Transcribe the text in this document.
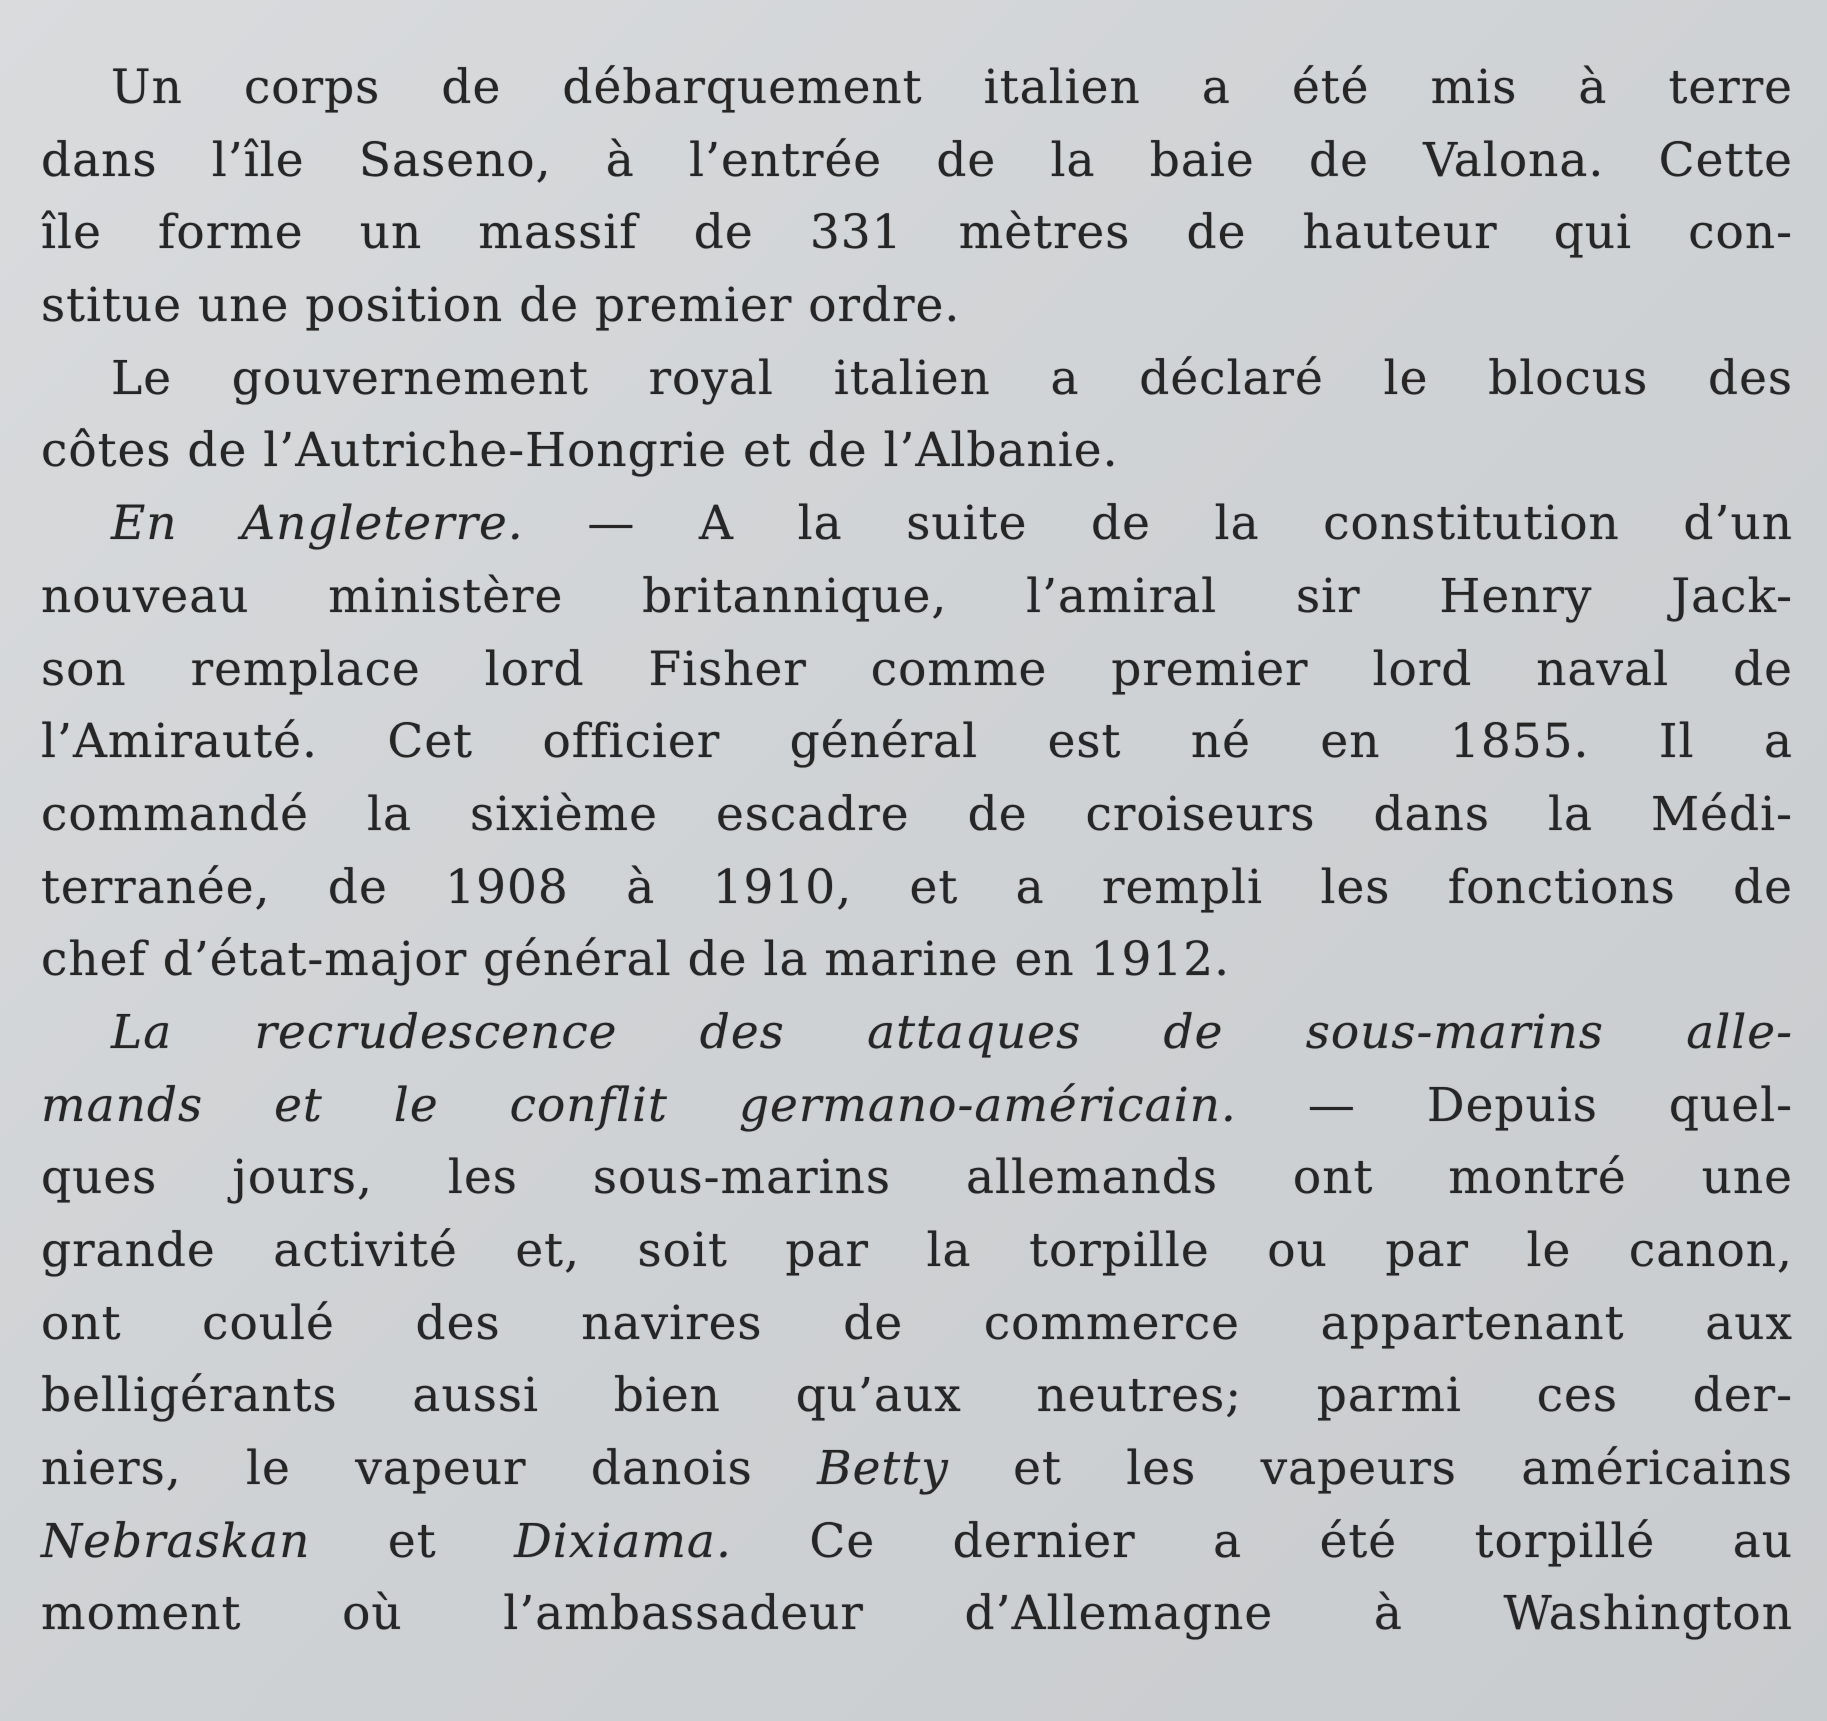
Un corps de débarquement italien a été mis à terre
dans l’île Saseno, à l’entrée de la baie de Valona. Cette
île forme un massif de 331 mètres de hauteur qui con-
stitue une position de premier ordre.
Le gouvernement royal italien a déclaré le blocus des
côtes de l’Autriche-Hongrie et de l’Albanie.
En Angleterre. — A la suite de la constitution d’un
nouveau ministère britannique, l’amiral sir Henry Jack-
son remplace lord Fisher comme premier lord naval de
l’Amirauté. Cet officier général est né en 1855. Il a
commandé la sixième escadre de croiseurs dans la Médi-
terranée, de 1908 à 1910, et a rempli les fonctions de
chef d’état-major général de la marine en 1912.
La recrudescence des attaques de sous-marins alle-
mands et le conflit germano-américain. — Depuis quel-
ques jours, les sous-marins allemands ont montré une
grande activité et, soit par la torpille ou par le canon,
ont coulé des navires de commerce appartenant aux
belligérants aussi bien qu’aux neutres; parmi ces der-
niers, le vapeur danois Betty et les vapeurs américains
Nebraskan et Dixiama. Ce dernier a été torpillé au
moment où l’ambassadeur d’Allemagne à Washington
